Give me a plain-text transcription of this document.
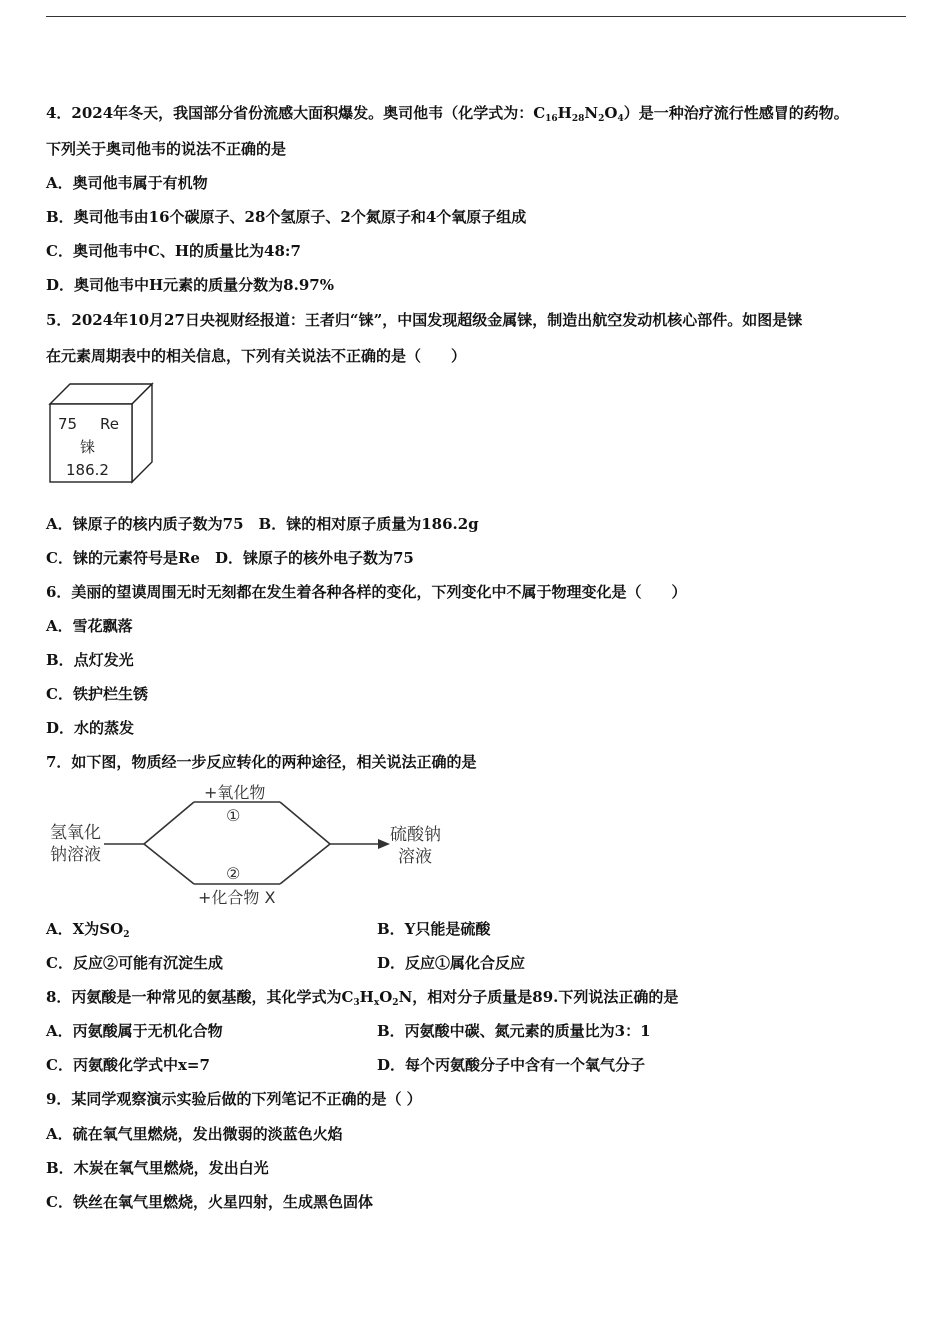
4．2024年冬天，我国部分省份流感大面积爆发。奥司他韦（化学式为：$C_{16}H_{28}N_2O_4$）是一种治疗流行性感冒的药物。
下列关于奥司他韦的说法不正确的是
A．奥司他韦属于有机物
B．奥司他韦由16个碳原子、28个氢原子、2个氮原子和4个氧原子组成
C．奥司他韦中C、H的质量比为48:7
D．奥司他韦中H元素的质量分数为8.97%
5．2024年10月27日央视财经报道：王者归“铼”，中国发现超级金属铼，制造出航空发动机核心部件。如图是铼
在元素周期表中的相关信息，下列有关说法不正确的是（　　）
75 Re
铼
186.2
A．铼原子的核内质子数为75　B．铼的相对原子质量为186.2g
C．铼的元素符号是Re　D．铼原子的核外电子数为75
6．美丽的望谟周围无时无刻都在发生着各种各样的变化，下列变化中不属于物理变化是（　　）
A．雪花飘落
B．点灯发光
C．铁护栏生锈
D．水的蒸发
7．如下图，物质经一步反应转化的两种途径，相关说法正确的是
氢氧化
钠溶液
+氧化物
①
②
+化合物 X
硫酸钠
溶液
A．X为$SO_2$	B．Y只能是硫酸
C．反应②可能有沉淀生成	D．反应①属化合反应
8．丙氨酸是一种常见的氨基酸，其化学式为$C_3H_xO_2N$，相对分子质量是89.下列说法正确的是
A．丙氨酸属于无机化合物	B．丙氨酸中碳、氮元素的质量比为3：1
C．丙氨酸化学式中x=7	D．每个丙氨酸分子中含有一个氧气分子
9．某同学观察演示实验后做的下列笔记不正确的是（ ）
A．硫在氧气里燃烧，发出微弱的淡蓝色火焰
B．木炭在氧气里燃烧，发出白光
C．铁丝在氧气里燃烧，火星四射，生成黑色固体
